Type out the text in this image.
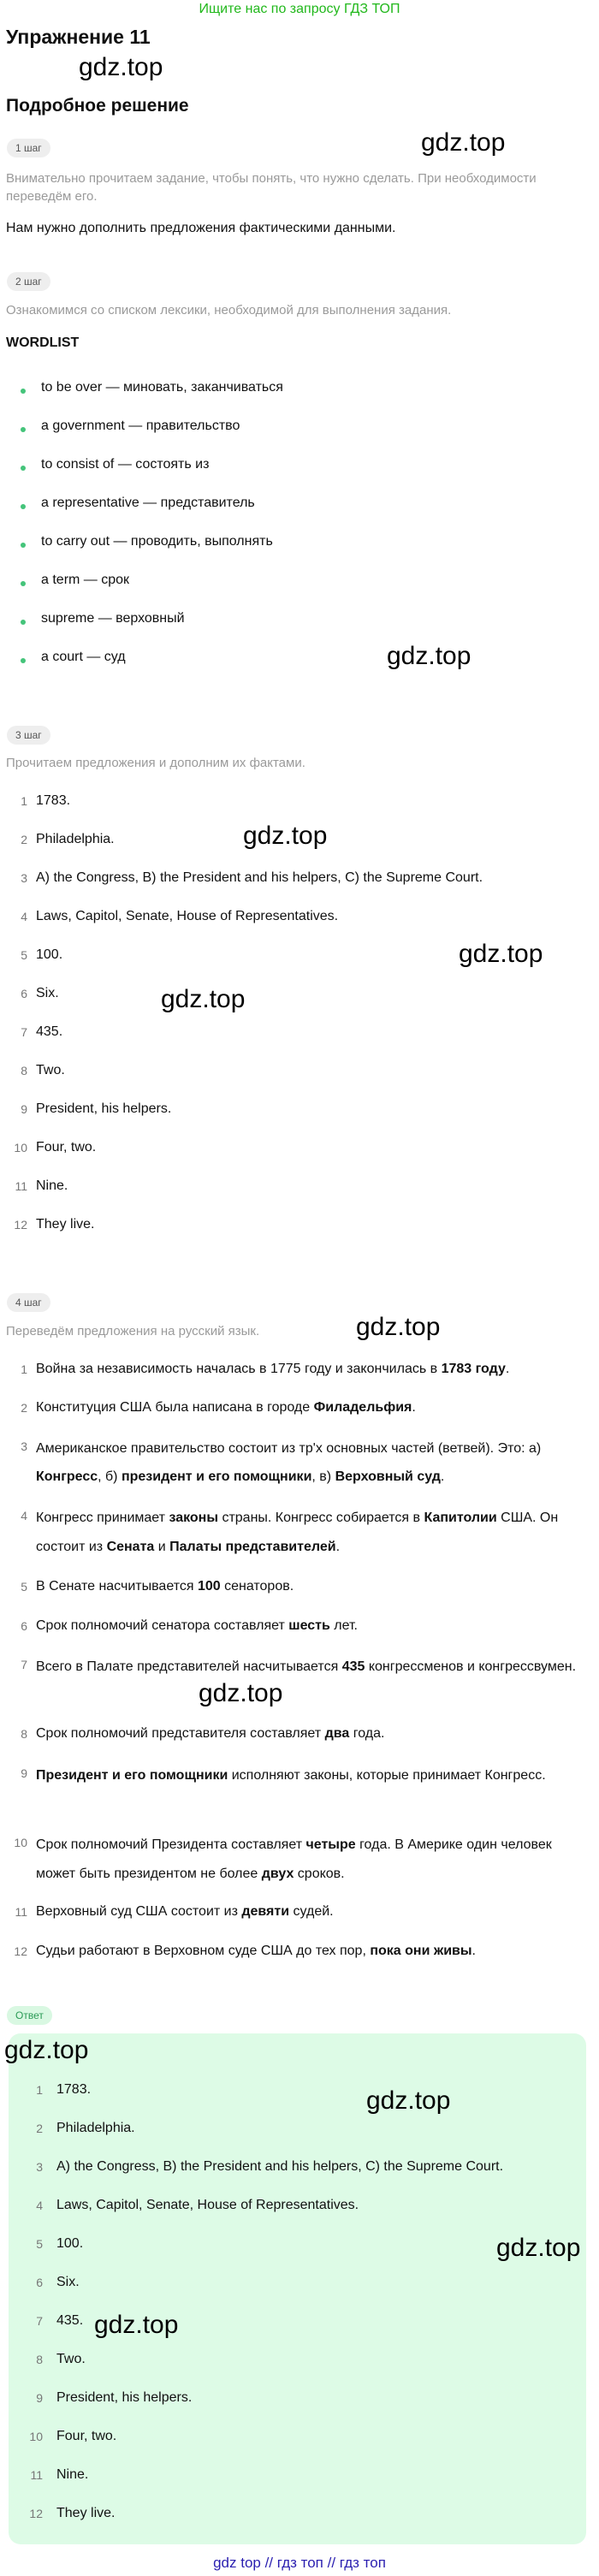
Ищите нас по запросу ГДЗ ТОП
Упражнение 11
Подробное решение
1 шаг
Внимательно прочитаем задание, чтобы понять, что нужно сделать. При необходимости переведём его.
Нам нужно дополнить предложения фактическими данными.
2 шаг
Ознакомимся со списком лексики, необходимой для выполнения задания.
WORDLIST
to be over — миновать, заканчиваться
a government — правительство
to consist of — состоять из
a representative — представитель
to carry out — проводить, выполнять
a term — срок
supreme — верховный
a court — суд
3 шаг
Прочитаем предложения и дополним их фактами.
1 1783.
2 Philadelphia.
3 A) the Congress, B) the President and his helpers, C) the Supreme Court.
4 Laws, Capitol, Senate, House of Representatives.
5 100.
6 Six.
7 435.
8 Two.
9 President, his helpers.
10 Four, two.
11 Nine.
12 They live.
4 шаг
Переведём предложения на русский язык.
1 Война за независимость началась в 1775 году и закончилась в 1783 году.
2 Конституция США была написана в городе Филадельфия.
3 Американское правительство состоит из тр'х основных частей (ветвей). Это: а) Конгресс, б) президент и его помощники, в) Верховный суд.
4 Конгресс принимает законы страны. Конгресс собирается в Капитолии США. Он состоит из Сената и Палаты представителей.
5 В Сенате насчитывается 100 сенаторов.
6 Срок полномочий сенатора составляет шесть лет.
7 Всего в Палате представителей насчитывается 435 конгрессменов и конгрессвумен.
8 Срок полномочий представителя составляет два года.
9 Президент и его помощники исполняют законы, которые принимает Конгресс.
10 Срок полномочий Президента составляет четыре года. В Америке один человек может быть президентом не более двух сроков.
11 Верховный суд США состоит из девяти судей.
12 Судьи работают в Верховном суде США до тех пор, пока они живы.
Ответ
1 1783.
2 Philadelphia.
3 A) the Congress, B) the President and his helpers, C) the Supreme Court.
4 Laws, Capitol, Senate, House of Representatives.
5 100.
6 Six.
7 435.
8 Two.
9 President, his helpers.
10 Four, two.
11 Nine.
12 They live.
gdz.top
gdz.top
gdz.top
gdz.top
gdz.top
gdz.top
gdz.top
gdz.top
gdz.top
gdz.top
gdz.top
gdz.top
gdz top // гдз топ // гдз топ
